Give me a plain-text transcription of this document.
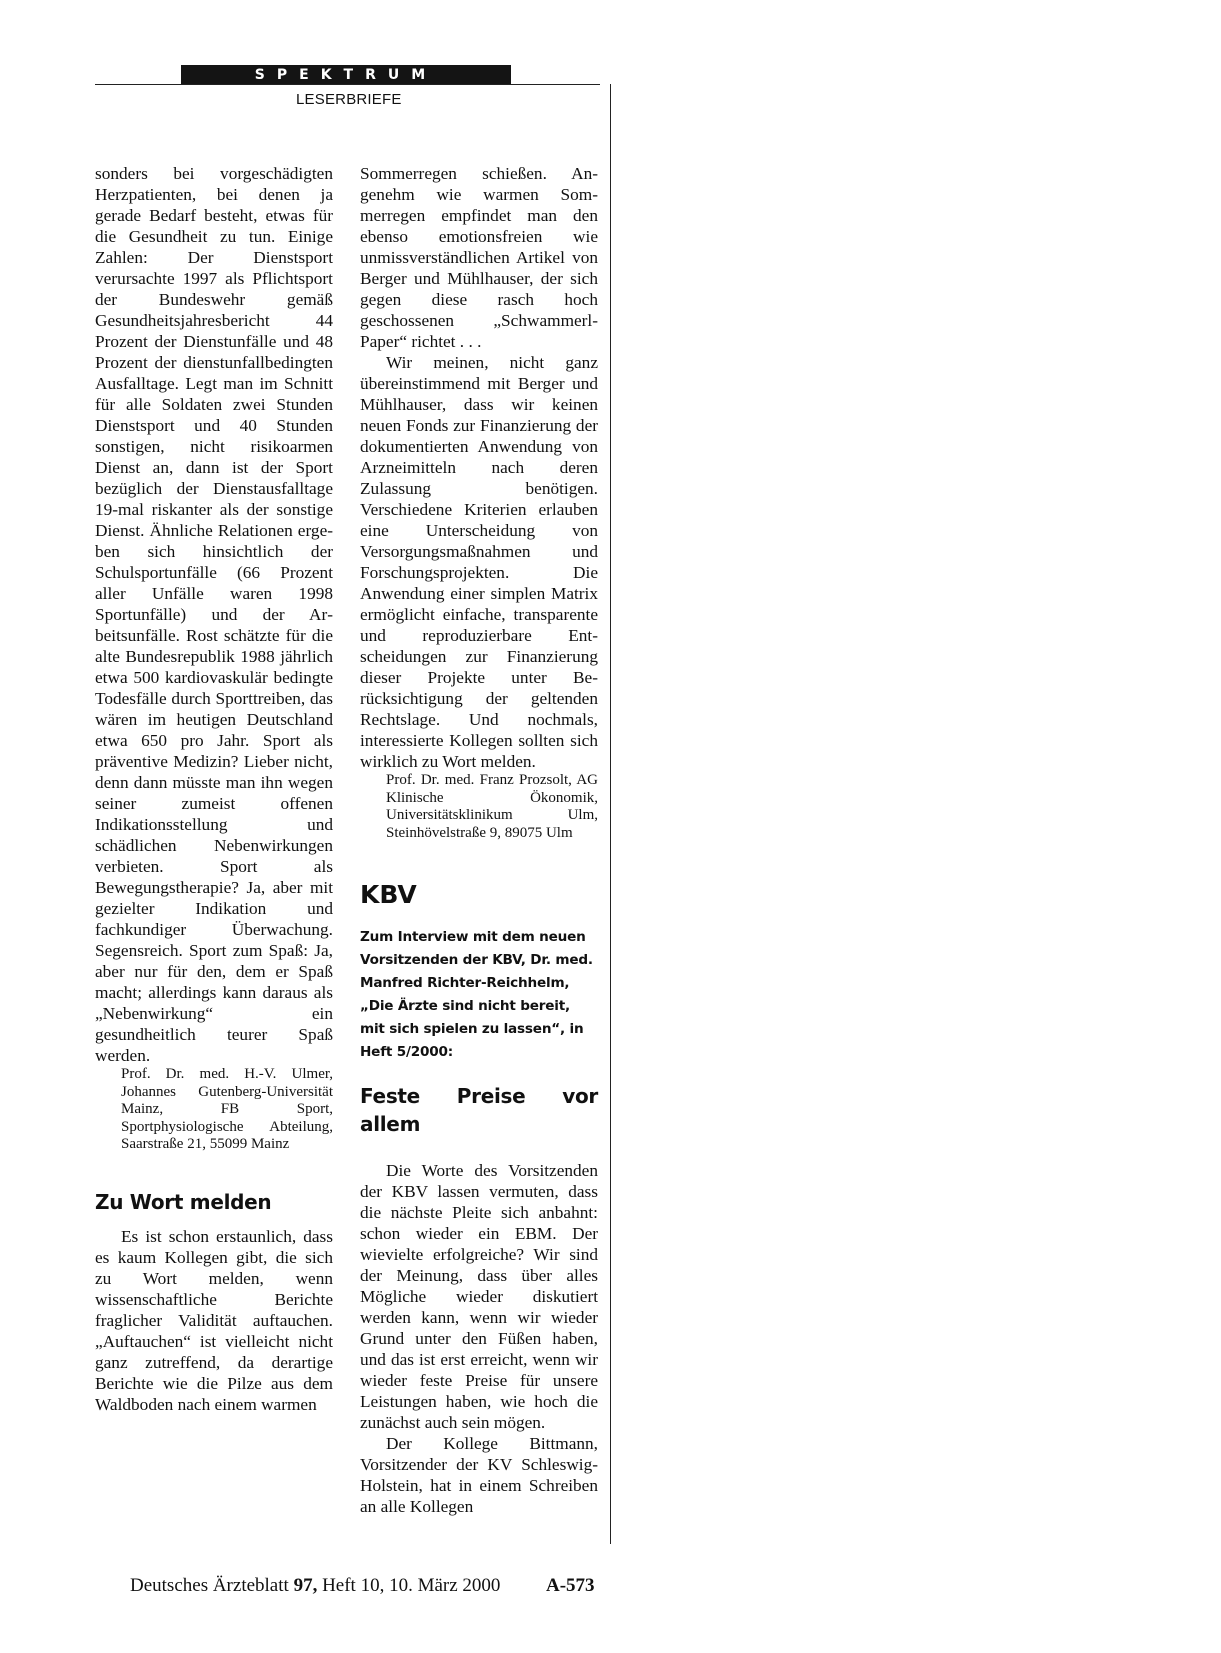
SPEKTRUM
LESERBRIEFE

sonders bei vorgeschädigten Herzpatienten, bei denen ja gerade Bedarf besteht, etwas für die Gesundheit zu tun. Einige Zahlen: Der Dienstsport verursachte 1997 als Pflichtsport der Bundeswehr gemäß Gesundheitsjahresbericht 44 Prozent der Dienstunfälle und 48 Prozent der dienstunfallbedingten Ausfalltage. Legt man im Schnitt für alle Soldaten zwei Stunden Dienstsport und 40 Stunden sonstigen, nicht risikoarmen Dienst an, dann ist der Sport bezüglich der Dienstausfalltage 19-mal riskanter als der sonstige Dienst. Ähnliche Relationen ergeben sich hinsichtlich der Schulsportunfälle (66 Prozent aller Unfälle waren 1998 Sportunfälle) und der Arbeitsunfälle. Rost schätzte für die alte Bundesrepublik 1988 jährlich etwa 500 kardiovaskulär bedingte Todesfälle durch Sporttreiben, das wären im heutigen Deutschland etwa 650 pro Jahr. Sport als präventive Medizin? Lieber nicht, denn dann müsste man ihn wegen seiner zumeist offenen Indikationsstellung und schädlichen Nebenwirkungen verbieten. Sport als Bewegungstherapie? Ja, aber mit gezielter Indikation und fachkundiger Überwachung. Segensreich. Sport zum Spaß: Ja, aber nur für den, dem er Spaß macht; allerdings kann daraus als „Nebenwirkung“ ein gesundheitlich teurer Spaß werden.

Prof. Dr. med. H.-V. Ulmer, Johannes Gutenberg-Universität Mainz, FB Sport, Sportphysiologische Abteilung, Saarstraße 21, 55099 Mainz

Zu Wort melden

Es ist schon erstaunlich, dass es kaum Kollegen gibt, die sich zu Wort melden, wenn wissenschaftliche Berichte fraglicher Validität auftauchen. „Auftauchen“ ist vielleicht nicht ganz zutreffend, da derartige Berichte wie die Pilze aus dem Waldboden nach einem warmen

Sommerregen schießen. Angenehm wie warmen Sommerregen empfindet man den ebenso emotionsfreien wie unmissverständlichen Artikel von Berger und Mühlhauser, der sich gegen diese rasch hoch geschossenen „Schwammerl-Paper“ richtet . . .

Wir meinen, nicht ganz übereinstimmend mit Berger und Mühlhauser, dass wir keinen neuen Fonds zur Finanzierung der dokumentierten Anwendung von Arzneimitteln nach deren Zulassung benötigen. Verschiedene Kriterien erlauben eine Unterscheidung von Versorgungsmaßnahmen und Forschungsprojekten. Die Anwendung einer simplen Matrix ermöglicht einfache, transparente und reproduzierbare Entscheidungen zur Finanzierung dieser Projekte unter Berücksichtigung der geltenden Rechtslage. Und nochmals, interessierte Kollegen sollten sich wirklich zu Wort melden.

Prof. Dr. med. Franz Prozsolt, AG Klinische Ökonomik, Universitätsklinikum Ulm, Steinhövelstraße 9, 89075 Ulm

KBV

Zum Interview mit dem neuen Vorsitzenden der KBV, Dr. med. Manfred Richter-Reichhelm, „Die Ärzte sind nicht bereit, mit sich spielen zu lassen“, in Heft 5/2000:

Feste Preise vor allem

Die Worte des Vorsitzenden der KBV lassen vermuten, dass die nächste Pleite sich anbahnt: schon wieder ein EBM. Der wievielte erfolgreiche? Wir sind der Meinung, dass über alles Mögliche wieder diskutiert werden kann, wenn wir wieder Grund unter den Füßen haben, und das ist erst erreicht, wenn wir wieder feste Preise für unsere Leistungen haben, wie hoch die zunächst auch sein mögen.

Der Kollege Bittmann, Vorsitzender der KV Schleswig-Holstein, hat in einem Schreiben an alle Kollegen

Deutsches Ärzteblatt 97, Heft 10, 10. März 2000 A-573
